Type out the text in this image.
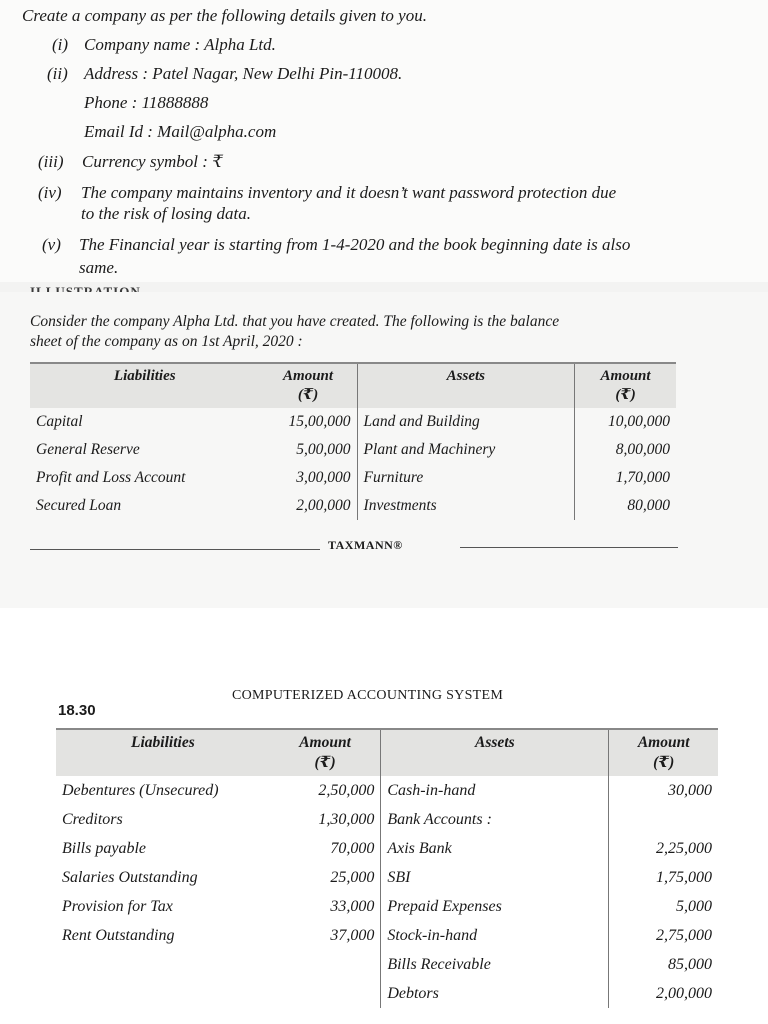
Create a company as per the following details given to you.
(i) Company name : Alpha Ltd.
(ii) Address : Patel Nagar, New Delhi Pin-110008.
Phone : 11888888
Email Id : Mail@alpha.com
(iii) Currency symbol : ₹
(iv) The company maintains inventory and it doesn’t want password protection due
to the risk of losing data.
(v) The Financial year is starting from 1-4-2020 and the book beginning date is also
same.
Consider the company Alpha Ltd. that you have created. The following is the balance
sheet of the company as on 1st April, 2020 :
Liabilities	Amount
(₹)	Assets	Amount
(₹)
Capital	15,00,000	Land and Building	10,00,000
General Reserve	5,00,000	Plant and Machinery	8,00,000
Profit and Loss Account	3,00,000	Furniture	1,70,000
Secured Loan	2,00,000	Investments	80,000
TAXMANN®
18.30
COMPUTERIZED ACCOUNTING SYSTEM
Liabilities	Amount
(₹)	Assets	Amount
(₹)
Debentures (Unsecured)	2,50,000	Cash-in-hand	30,000
Creditors	1,30,000	Bank Accounts :	
Bills payable	70,000	Axis Bank	2,25,000
Salaries Outstanding	25,000	SBI	1,75,000
Provision for Tax	33,000	Prepaid Expenses	5,000
Rent Outstanding	37,000	Stock-in-hand	2,75,000
		Bills Receivable	85,000
		Debtors	2,00,000
